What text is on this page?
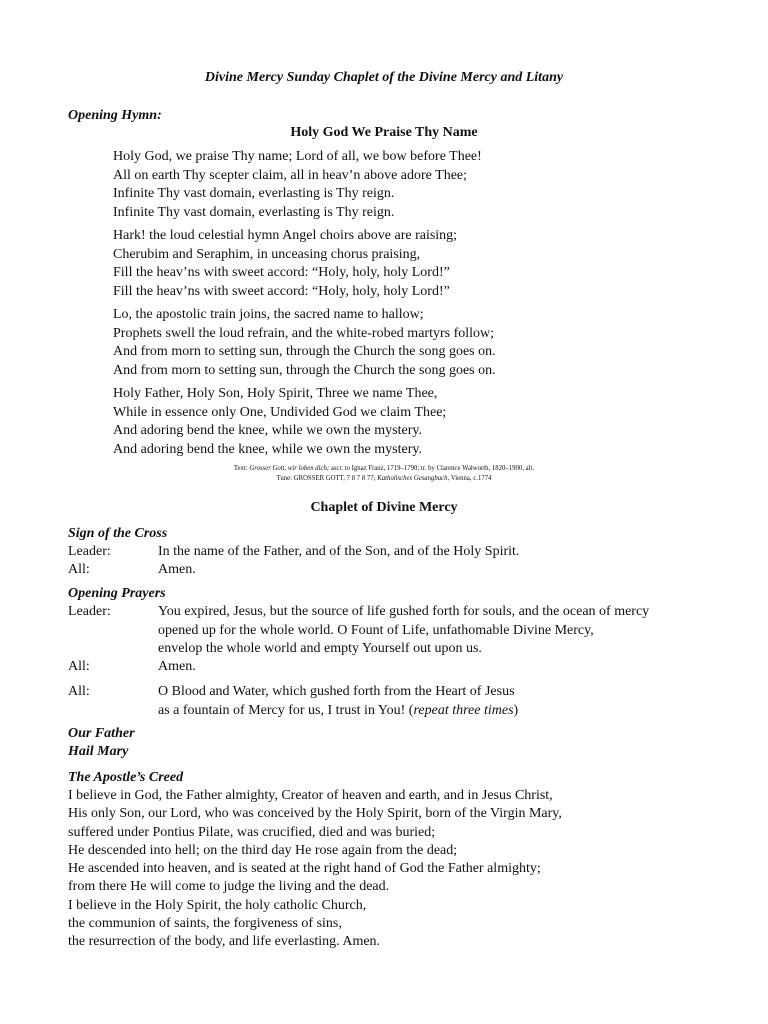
Divine Mercy Sunday Chaplet of the Divine Mercy and Litany
Opening Hymn:
Holy God We Praise Thy Name
Holy God, we praise Thy name; Lord of all, we bow before Thee!
All on earth Thy scepter claim, all in heav’n above adore Thee;
Infinite Thy vast domain, everlasting is Thy reign.
Infinite Thy vast domain, everlasting is Thy reign.
Hark! the loud celestial hymn Angel choirs above are raising;
Cherubim and Seraphim, in unceasing chorus praising,
Fill the heav’ns with sweet accord: “Holy, holy, holy Lord!”
Fill the heav’ns with sweet accord: “Holy, holy, holy Lord!”
Lo, the apostolic train joins, the sacred name to hallow;
Prophets swell the loud refrain, and the white-robed martyrs follow;
And from morn to setting sun, through the Church the song goes on.
And from morn to setting sun, through the Church the song goes on.
Holy Father, Holy Son, Holy Spirit, Three we name Thee,
While in essence only One, Undivided God we claim Thee;
And adoring bend the knee, while we own the mystery.
And adoring bend the knee, while we own the mystery.
Text: Grosser Gott, wir loben dich; ascr. to Ignaz Franz, 1719–1790; tr. by Clarence Walworth, 1820–1900, alt.
Tune: GROSSER GOTT, 7 8 7 8 77; Katholisches Gesangbuch, Vienna, c.1774
Chaplet of Divine Mercy
Sign of the Cross
Leader:	In the name of the Father, and of the Son, and of the Holy Spirit.
All:	Amen.
Opening Prayers
Leader:	You expired, Jesus, but the source of life gushed forth for souls, and the ocean of mercy
opened up for the whole world. O Fount of Life, unfathomable Divine Mercy,
envelop the whole world and empty Yourself out upon us.
All:	Amen.
All:	O Blood and Water, which gushed forth from the Heart of Jesus
as a fountain of Mercy for us, I trust in You! (repeat three times)
Our Father
Hail Mary
The Apostle’s Creed
I believe in God, the Father almighty, Creator of heaven and earth, and in Jesus Christ,
His only Son, our Lord, who was conceived by the Holy Spirit, born of the Virgin Mary,
suffered under Pontius Pilate, was crucified, died and was buried;
He descended into hell; on the third day He rose again from the dead;
He ascended into heaven, and is seated at the right hand of God the Father almighty;
from there He will come to judge the living and the dead.
I believe in the Holy Spirit, the holy catholic Church,
the communion of saints, the forgiveness of sins,
the resurrection of the body, and life everlasting. Amen.
